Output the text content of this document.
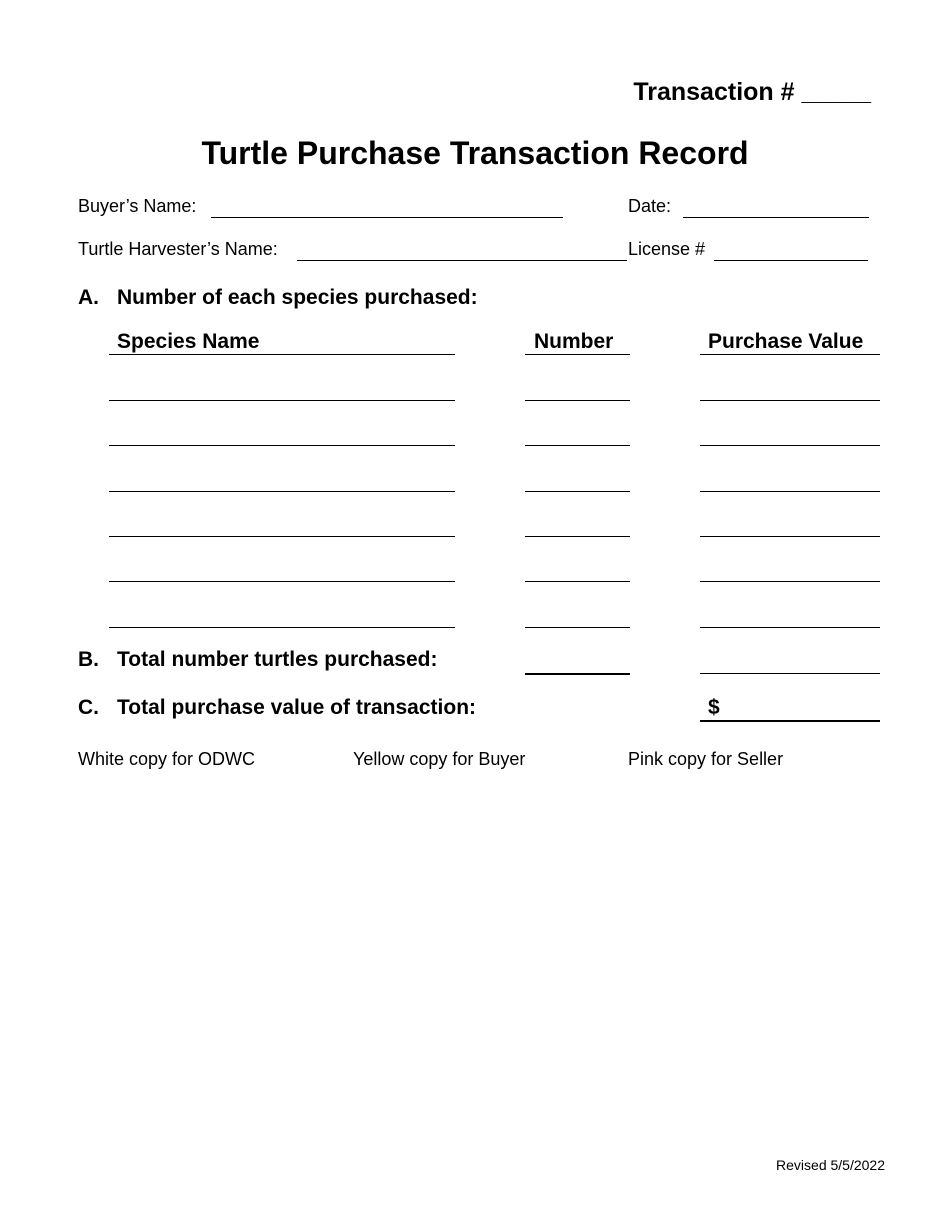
Transaction # _____
Turtle Purchase Transaction Record
Buyer’s Name:	Date:
Turtle Harvester’s Name:	License #
A. Number of each species purchased:
Species Name	Number	Purchase Value
B. Total number turtles purchased:
C. Total purchase value of transaction:	$
White copy for ODWC	Yellow copy for Buyer	Pink copy for Seller
Revised 5/5/2022
